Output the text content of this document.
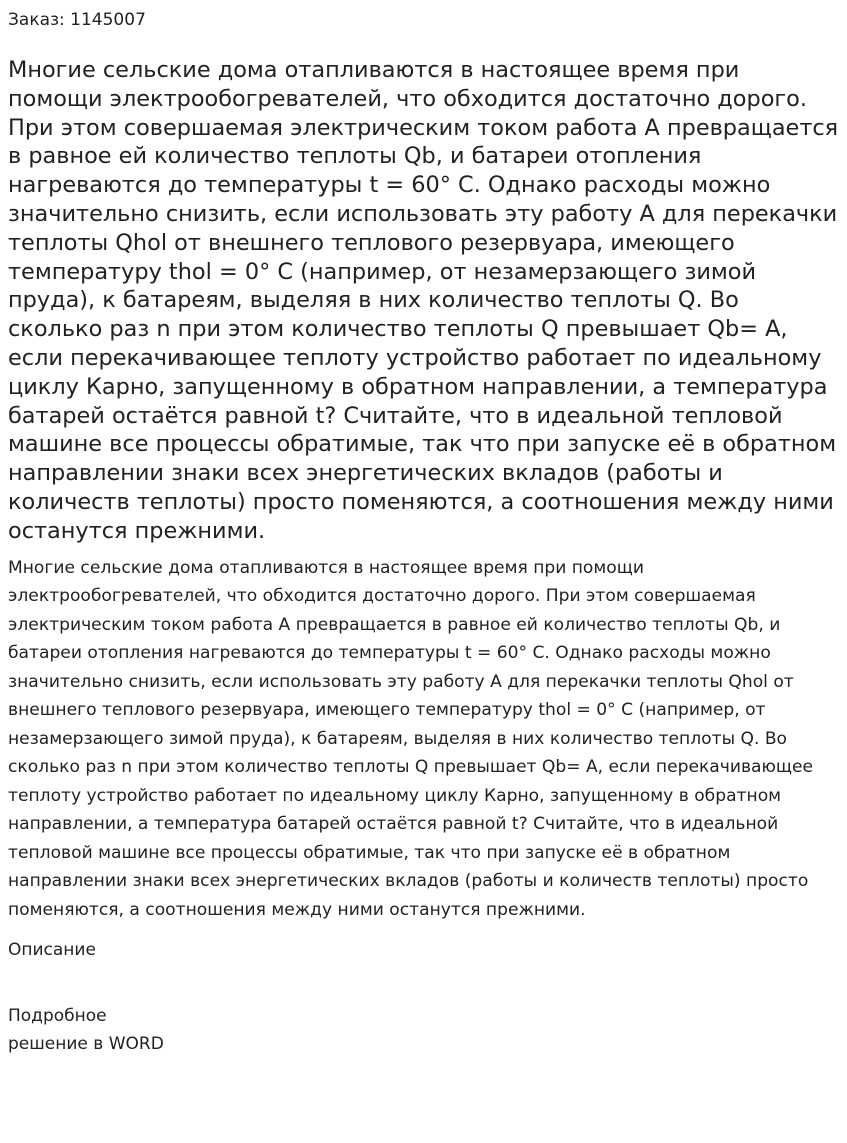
Заказ: 1145007

Многие сельские дома отапливаются в настоящее время при помощи электрообогревателей, что обходится достаточно дорого. При этом совершаемая электрическим током работа A превращается в равное ей количество теплоты Qb, и батареи отопления нагреваются до температуры t = 60° C. Однако расходы можно значительно снизить, если использовать эту работу A для перекачки теплоты Qhol от внешнего теплового резервуара, имеющего температуру thol = 0° C (например, от незамерзающего зимой пруда), к батареям, выделяя в них количество теплоты Q. Во сколько раз n при этом количество теплоты Q превышает Qb= A, если перекачивающее теплоту устройство работает по идеальному циклу Карно, запущенному в обратном направлении, а температура батарей остаётся равной t? Считайте, что в идеальной тепловой машине все процессы обратимые, так что при запуске её в обратном направлении знаки всех энергетических вкладов (работы и количеств теплоты) просто поменяются, а соотношения между ними останутся прежними.

Многие сельские дома отапливаются в настоящее время при помощи электрообогревателей, что обходится достаточно дорого. При этом совершаемая электрическим током работа A превращается в равное ей количество теплоты Qb, и батареи отопления нагреваются до температуры t = 60° C. Однако расходы можно значительно снизить, если использовать эту работу A для перекачки теплоты Qhol от внешнего теплового резервуара, имеющего температуру thol = 0° C (например, от незамерзающего зимой пруда), к батареям, выделяя в них количество теплоты Q. Во сколько раз n при этом количество теплоты Q превышает Qb= A, если перекачивающее теплоту устройство работает по идеальному циклу Карно, запущенному в обратном направлении, а температура батарей остаётся равной t? Считайте, что в идеальной тепловой машине все процессы обратимые, так что при запуске её в обратном направлении знаки всех энергетических вкладов (работы и количеств теплоты) просто поменяются, а соотношения между ними останутся прежними.

Описание

Подробное
решение в WORD
